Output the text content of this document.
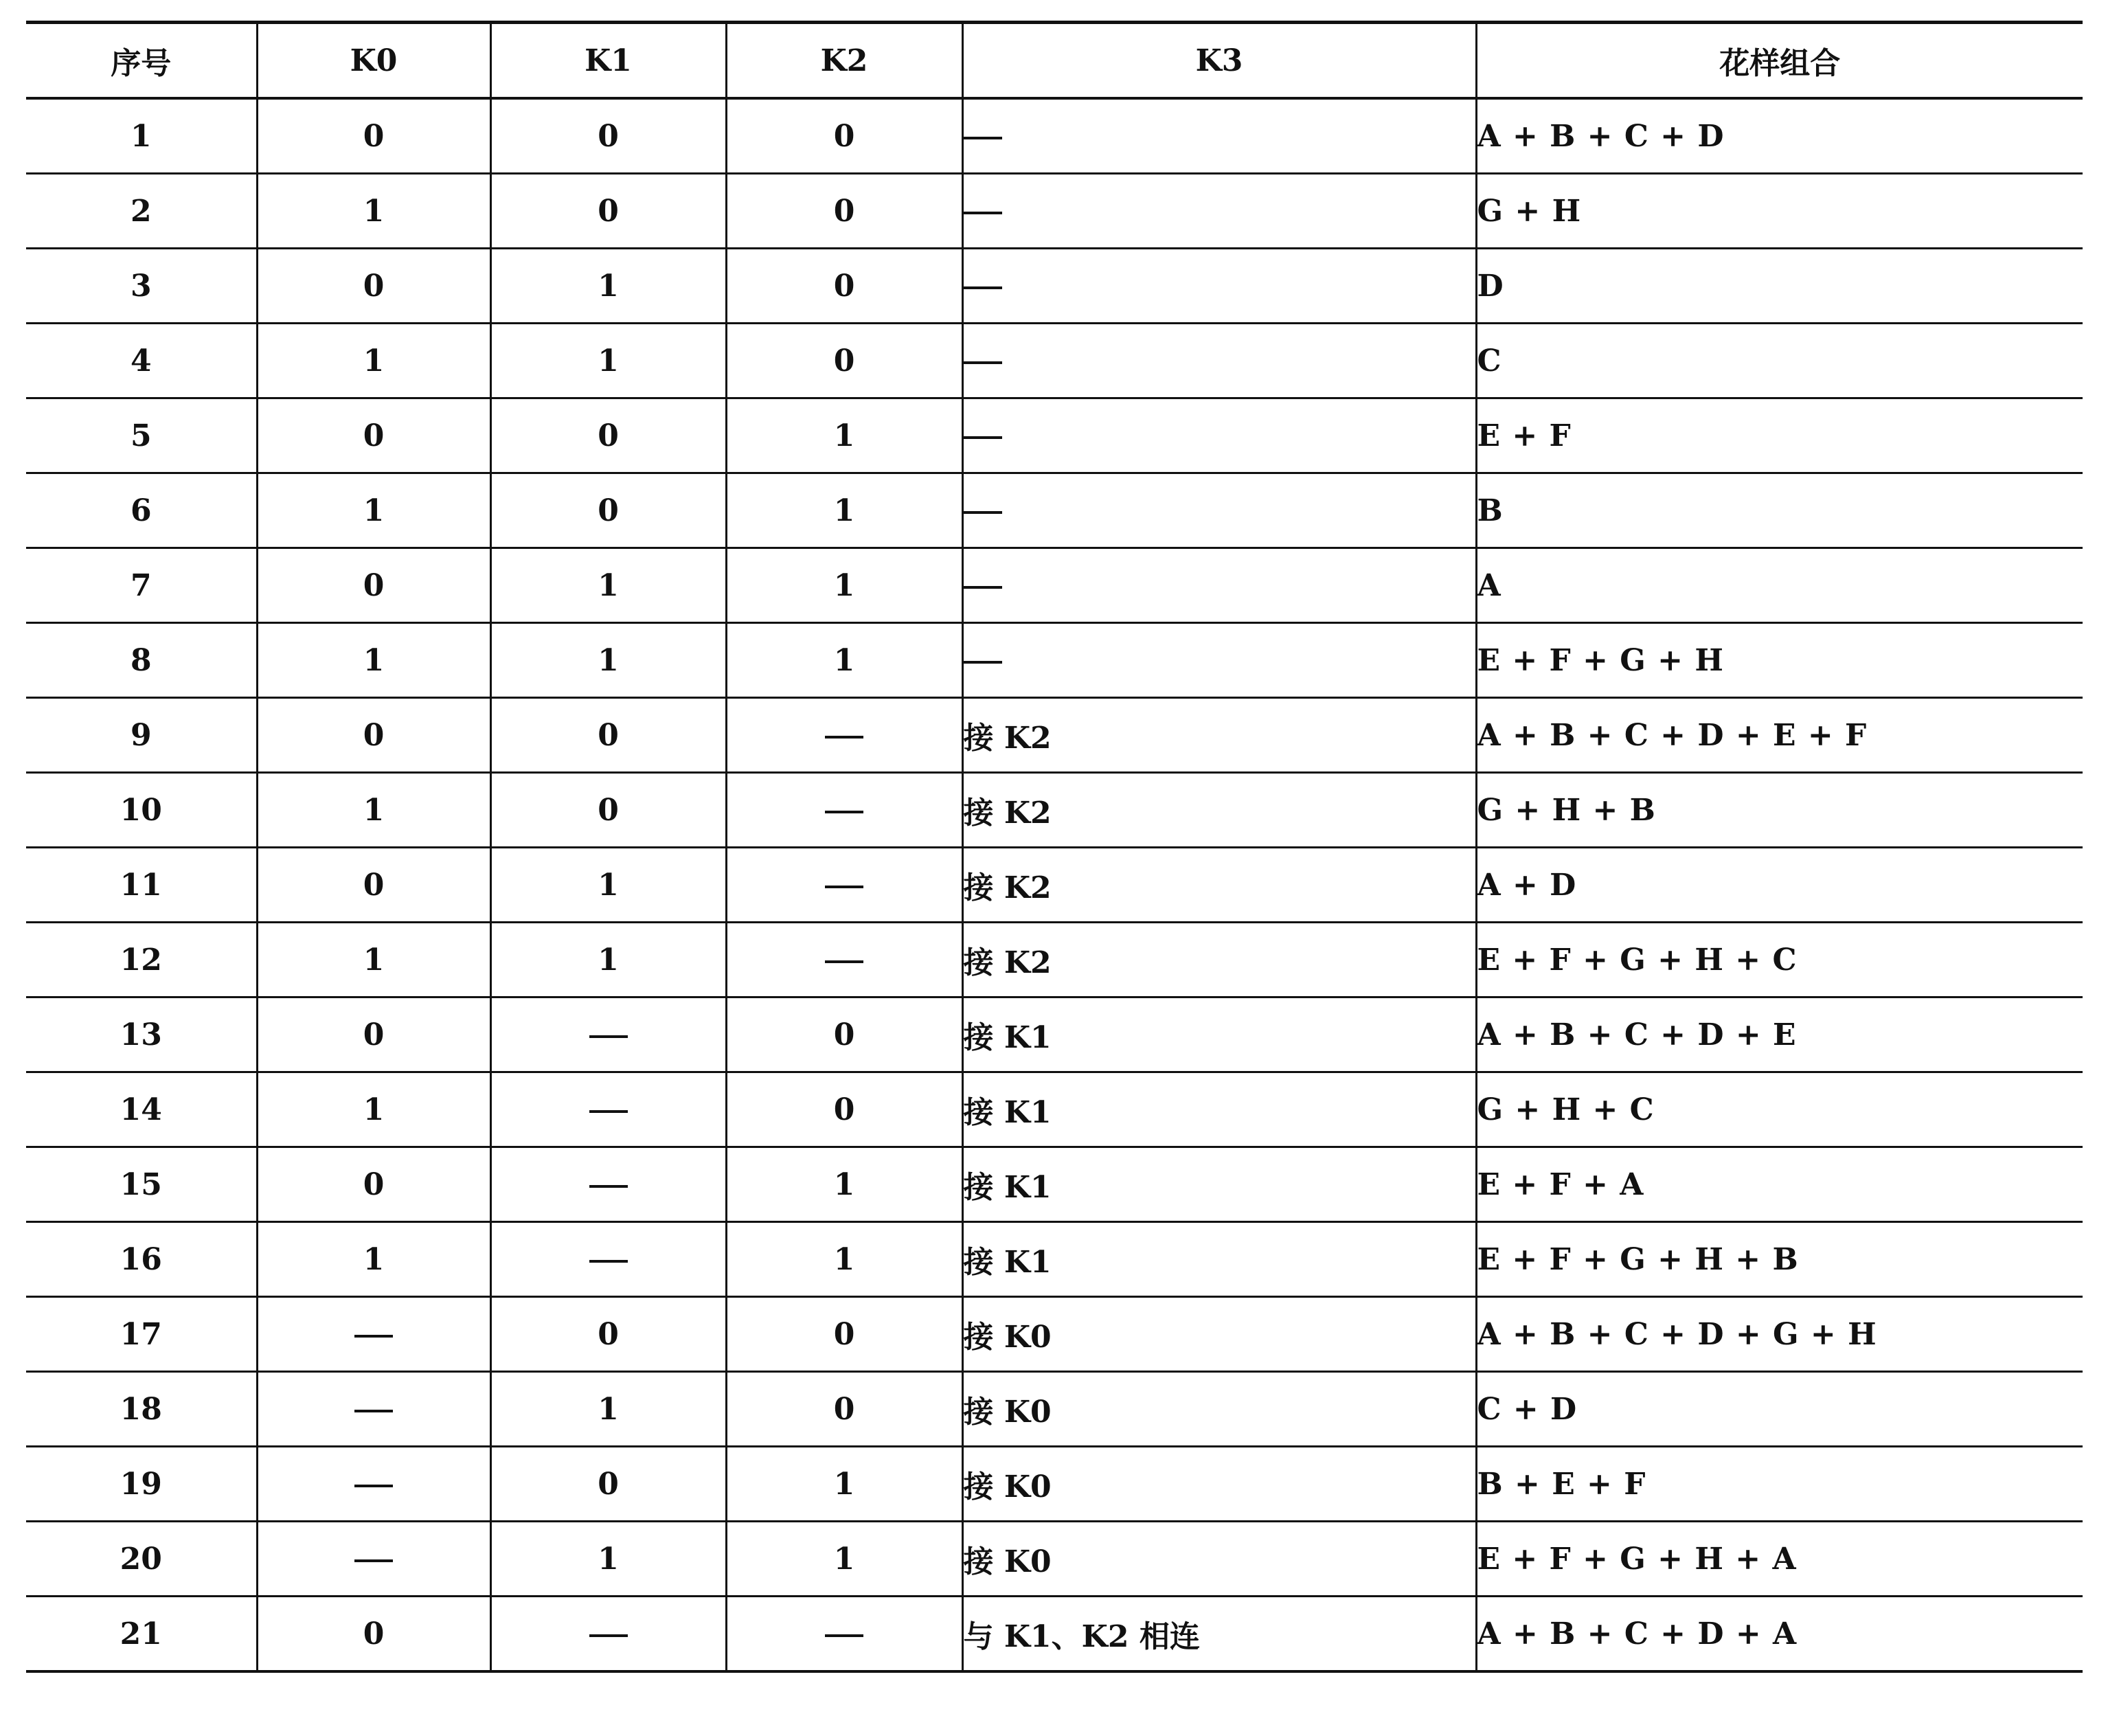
序号	K0	K1	K2	K3	花样组合
1	0	0	0		A + B + C + D
2	1	0	0		G + H
3	0	1	0		D
4	1	1	0		C
5	0	0	1		E + F
6	1	0	1		B
7	0	1	1		A
8	1	1	1		E + F + G + H
9	0	0		接 K2	A + B + C + D + E + F
10	1	0		接 K2	G + H + B
11	0	1		接 K2	A + D
12	1	1		接 K2	E + F + G + H + C
13	0		0	接 K1	A + B + C + D + E
14	1		0	接 K1	G + H + C
15	0		1	接 K1	E + F + A
16	1		1	接 K1	E + F + G + H + B
17		0	0	接 K0	A + B + C + D + G + H
18		1	0	接 K0	C + D
19		0	1	接 K0	B + E + F
20		1	1	接 K0	E + F + G + H + A
21	0			与 K1、K2 相连	A + B + C + D + A
